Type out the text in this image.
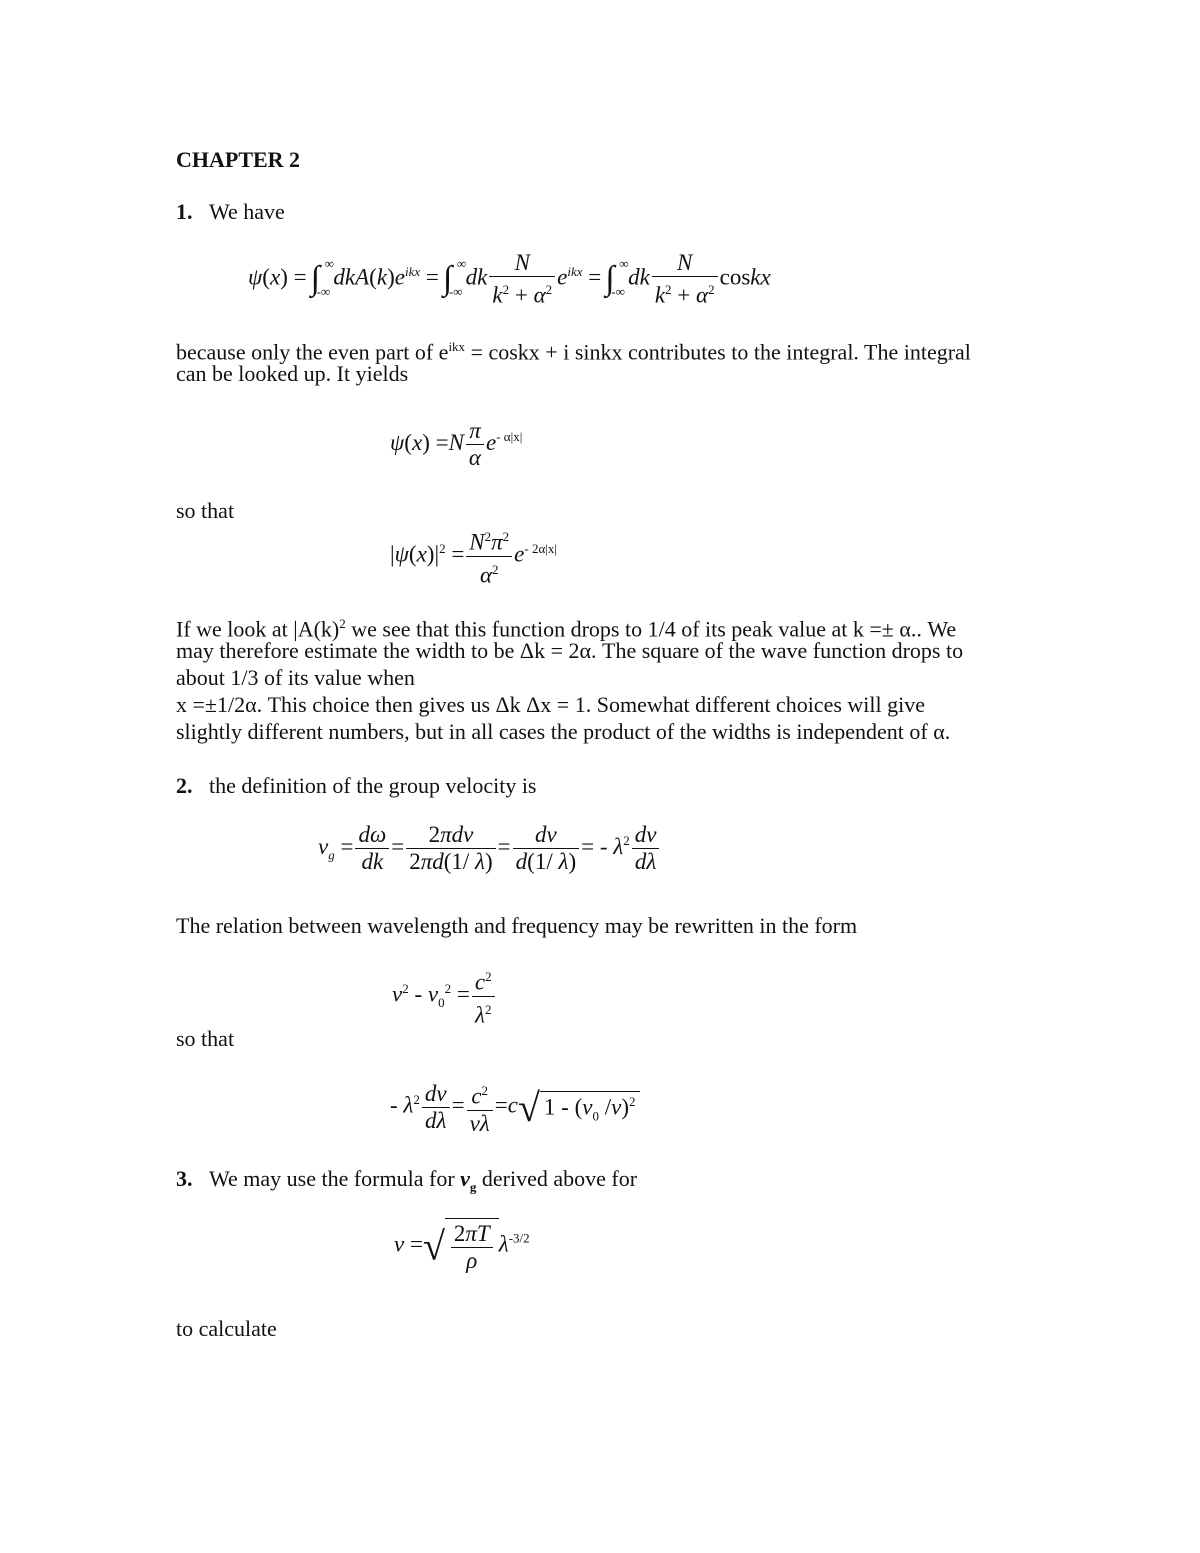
CHAPTER 2
1. We have
ψ(x) = ∫ ∞
-∞
$dkA(k)e^{ikx}$ = ∫ ∞
-∞
dk $\frac{N}{k^2 + \alpha^2} e^{ikx}$ = ∫ ∞
-∞
dk $\frac{N}{k^2 + \alpha^2}$ coskx
because only the even part of $e^{ikx}$ = coskx + i sinkx contributes to the integral. The integral
can be looked up. It yields
$\psi(x) =N \frac{\pi}{\alpha} e^{- \alpha|x|}$
so that
$|\psi(x)|^2 = \frac{N^2\pi^2}{\alpha^2} e^{- 2\alpha|x|}$
If we look at $|A(k)^2$ we see that this function drops to 1/4 of its peak value at k =± α.. We
may therefore estimate the width to be Δk = 2α. The square of the wave function drops to
about 1/3 of its value when
x =±1/2α. This choice then gives us Δk Δx = 1. Somewhat different choices will give
slightly different numbers, but in all cases the product of the widths is independent of α.
2. the definition of the group velocity is
$v_g = \frac{d\omega}{dk} = \frac{\text{2πdν}}{2\pi d(1/ \lambda)} = \frac{d\nu}{d(1/ \lambda)}$ = - $\lambda^2 \frac{d\nu}{d\lambda}$
The relation between wavelength and frequency may be rewritten in the form
$\nu^2 - \nu_0^2 = \frac{c^2}{\lambda^2}$
so that
- $\lambda^2 \frac{d\nu}{d\lambda} = \frac{c^2}{\nu\lambda} =c√$ $1 - (\nu_0$ /ν)$^2$
3. We may use the formula for $v_g$ derived above for
ν =√ $\frac{2\pi T}{\rho} \lambda^{-3/2}$
to calculate
